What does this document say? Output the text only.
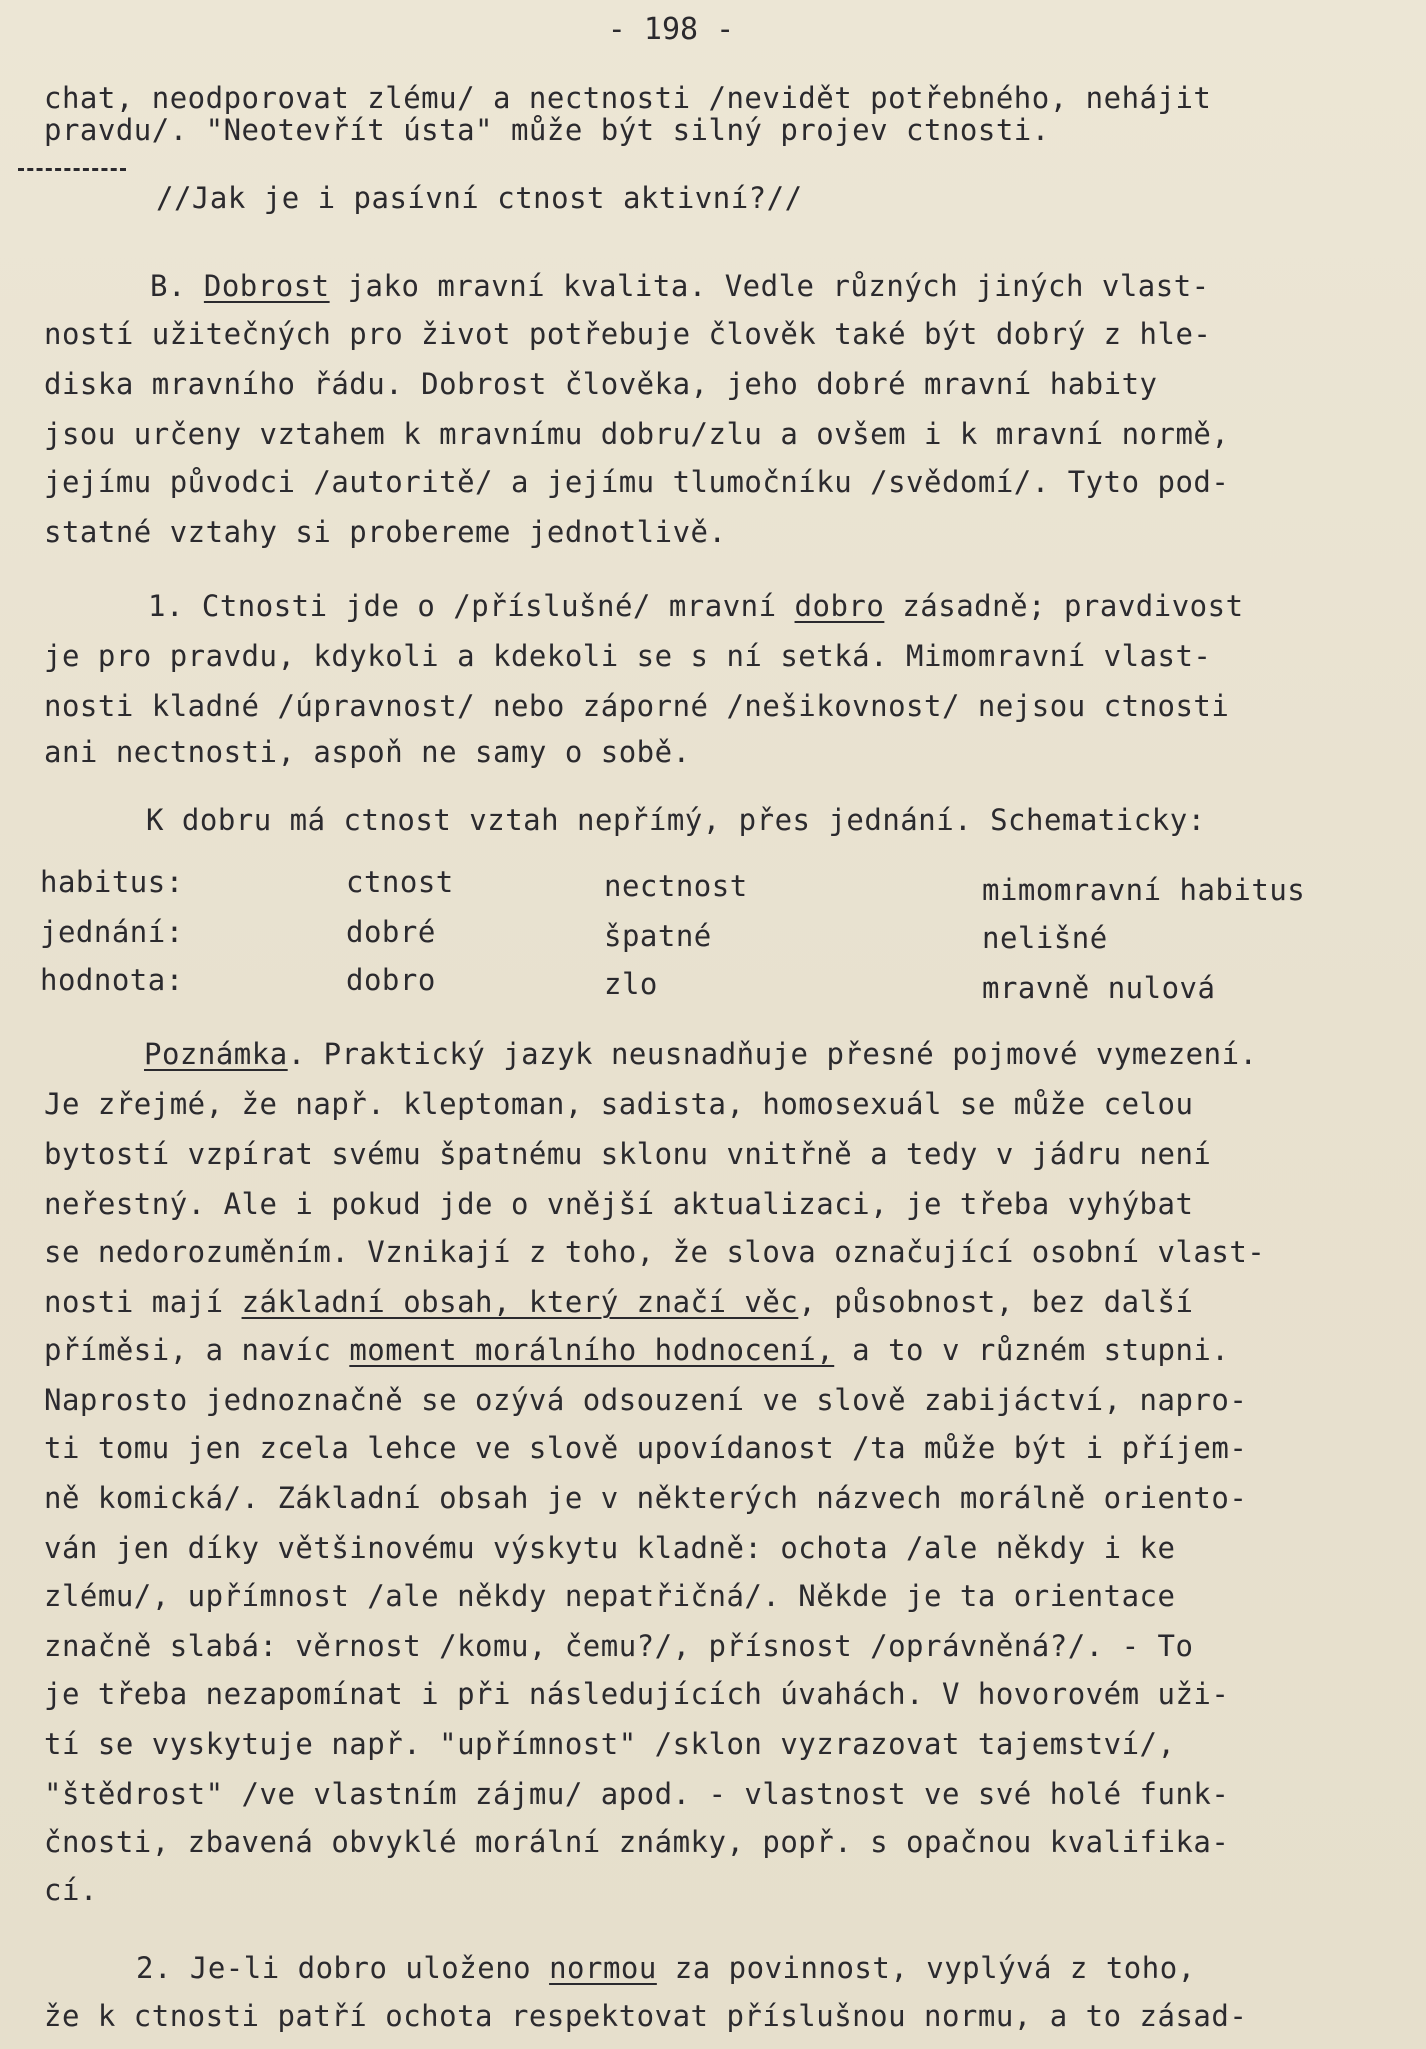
- 198 -
chat, neodporovat zlému/ a nectnosti /nevidět potřebného, nehájit
pravdu/. "Neotevřít ústa" může být silný projev ctnosti.
//Jak je i pasívní ctnost aktivní?//
B. Dobrost jako mravní kvalita. Vedle různých jiných vlast-
ností užitečných pro život potřebuje člověk také být dobrý z hle-
diska mravního řádu. Dobrost člověka, jeho dobré mravní habity
jsou určeny vztahem k mravnímu dobru/zlu a ovšem i k mravní normě,
jejímu původci /autoritě/ a jejímu tlumočníku /svědomí/. Tyto pod-
statné vztahy si probereme jednotlivě.
1. Ctnosti jde o /příslušné/ mravní dobro zásadně; pravdivost
je pro pravdu, kdykoli a kdekoli se s ní setká. Mimomravní vlast-
nosti kladné /úpravnost/ nebo záporné /nešikovnost/ nejsou ctnosti
ani nectnosti, aspoň ne samy o sobě.
K dobru má ctnost vztah nepřímý, přes jednání. Schematicky:
habitus:	ctnost	nectnost	mimomravní habitus
jednání:	dobré	špatné	nelišné
hodnota:	dobro	zlo	mravně nulová
Poznámka. Praktický jazyk neusnadňuje přesné pojmové vymezení.
Je zřejmé, že např. kleptoman, sadista, homosexuál se může celou
bytostí vzpírat svému špatnému sklonu vnitřně a tedy v jádru není
neřestný. Ale i pokud jde o vnější aktualizaci, je třeba vyhýbat
se nedorozuměním. Vznikají z toho, že slova označující osobní vlast-
nosti mají základní obsah, který značí věc, působnost, bez další
příměsi, a navíc moment morálního hodnocení, a to v různém stupni.
Naprosto jednoznačně se ozývá odsouzení ve slově zabijáctví, napro-
ti tomu jen zcela lehce ve slově upovídanost /ta může být i příjem-
ně komická/. Základní obsah je v některých názvech morálně oriento-
ván jen díky většinovému výskytu kladně: ochota /ale někdy i ke
zlému/, upřímnost /ale někdy nepatřičná/. Někde je ta orientace
značně slabá: věrnost /komu, čemu?/, přísnost /oprávněná?/. - To
je třeba nezapomínat i při následujících úvahách. V hovorovém uži-
tí se vyskytuje např. "upřímnost" /sklon vyzrazovat tajemství/,
"štědrost" /ve vlastním zájmu/ apod. - vlastnost ve své holé funk-
čnosti, zbavená obvyklé morální známky, popř. s opačnou kvalifika-
cí.
2. Je-li dobro uloženo normou za povinnost, vyplývá z toho,
že k ctnosti patří ochota respektovat příslušnou normu, a to zásad-
